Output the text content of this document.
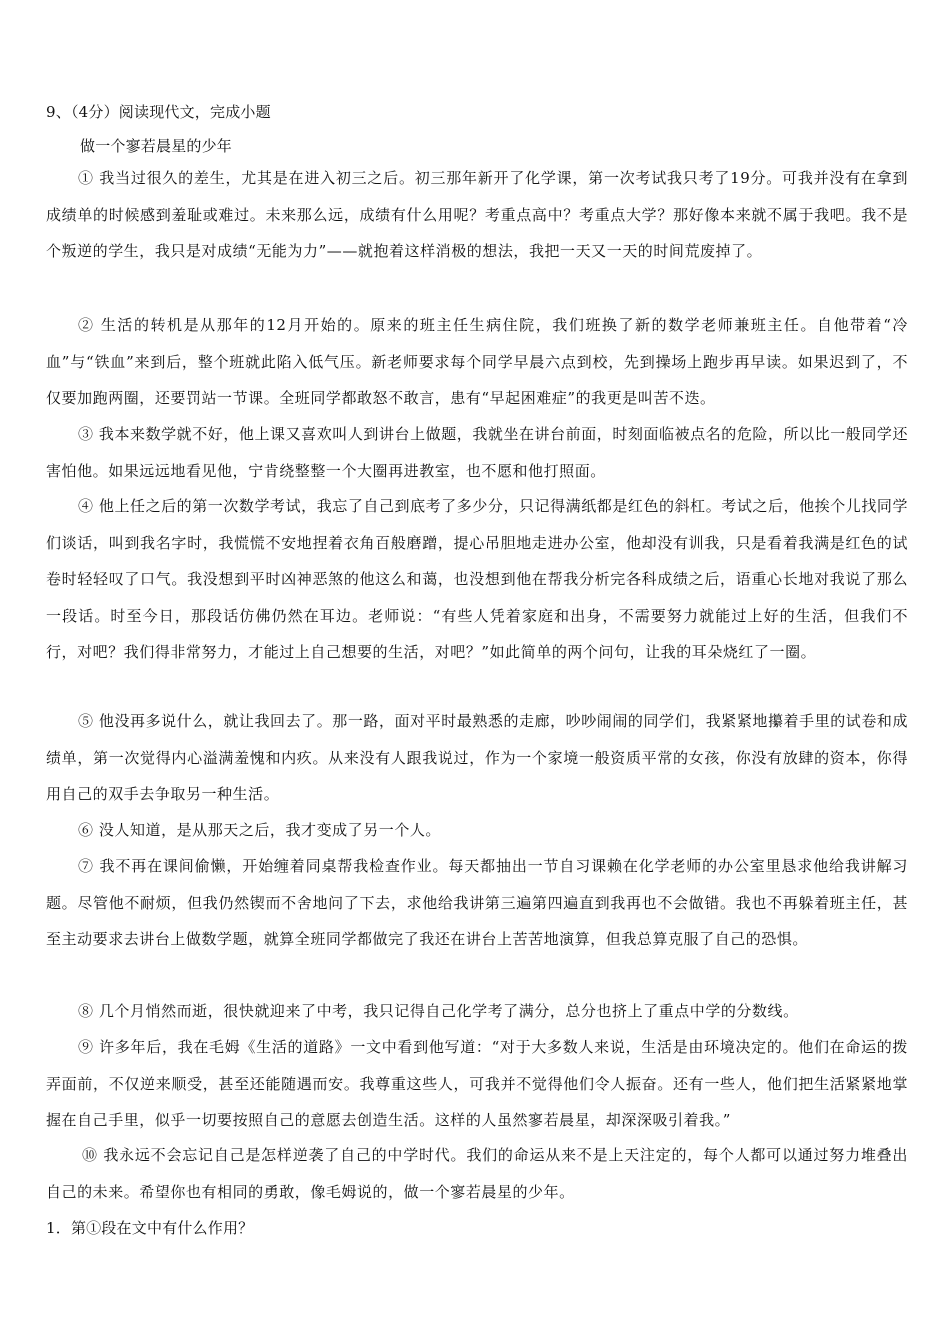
9、（4分）阅读现代文，完成小题
做一个寥若晨星的少年
① 我当过很久的差生，尤其是在进入初三之后。初三那年新开了化学课，第一次考试我只考了19分。可我并没有在拿到成绩单的时候感到羞耻或难过。未来那么远，成绩有什么用呢？考重点高中？考重点大学？那好像本来就不属于我吧。我不是个叛逆的学生，我只是对成绩“无能为力”——就抱着这样消极的想法，我把一天又一天的时间荒废掉了。
② 生活的转机是从那年的12月开始的。原来的班主任生病住院，我们班换了新的数学老师兼班主任。自他带着“冷血”与“铁血”来到后，整个班就此陷入低气压。新老师要求每个同学早晨六点到校，先到操场上跑步再早读。如果迟到了，不仅要加跑两圈，还要罚站一节课。全班同学都敢怒不敢言，患有“早起困难症”的我更是叫苦不迭。
③ 我本来数学就不好，他上课又喜欢叫人到讲台上做题，我就坐在讲台前面，时刻面临被点名的危险，所以比一般同学还害怕他。如果远远地看见他，宁肯绕整整一个大圈再进教室，也不愿和他打照面。
④ 他上任之后的第一次数学考试，我忘了自己到底考了多少分，只记得满纸都是红色的斜杠。考试之后，他挨个儿找同学们谈话，叫到我名字时，我慌慌不安地捏着衣角百般磨蹭，提心吊胆地走进办公室，他却没有训我，只是看着我满是红色的试卷时轻轻叹了口气。我没想到平时凶神恶煞的他这么和蔼，也没想到他在帮我分析完各科成绩之后，语重心长地对我说了那么一段话。时至今日，那段话仿佛仍然在耳边。老师说：“有些人凭着家庭和出身，不需要努力就能过上好的生活，但我们不行，对吧？我们得非常努力，才能过上自己想要的生活，对吧？”如此简单的两个问句，让我的耳朵烧红了一圈。
⑤ 他没再多说什么，就让我回去了。那一路，面对平时最熟悉的走廊，吵吵闹闹的同学们，我紧紧地攥着手里的试卷和成绩单，第一次觉得内心溢满羞愧和内疚。从来没有人跟我说过，作为一个家境一般资质平常的女孩，你没有放肆的资本，你得用自己的双手去争取另一种生活。
⑥ 没人知道，是从那天之后，我才变成了另一个人。
⑦ 我不再在课间偷懒，开始缠着同桌帮我检查作业。每天都抽出一节自习课赖在化学老师的办公室里恳求他给我讲解习题。尽管他不耐烦，但我仍然锲而不舍地问了下去，求他给我讲第三遍第四遍直到我再也不会做错。我也不再躲着班主任，甚至主动要求去讲台上做数学题，就算全班同学都做完了我还在讲台上苦苦地演算，但我总算克服了自己的恐惧。
⑧ 几个月悄然而逝，很快就迎来了中考，我只记得自己化学考了满分，总分也挤上了重点中学的分数线。
⑨ 许多年后，我在毛姆《生活的道路》一文中看到他写道：“对于大多数人来说，生活是由环境决定的。他们在命运的拨弄面前，不仅逆来顺受，甚至还能随遇而安。我尊重这些人，可我并不觉得他们令人振奋。还有一些人，他们把生活紧紧地掌握在自己手里，似乎一切要按照自己的意愿去创造生活。这样的人虽然寥若晨星，却深深吸引着我。”
⑩ 我永远不会忘记自己是怎样逆袭了自己的中学时代。我们的命运从来不是上天注定的，每个人都可以通过努力堆叠出自己的未来。希望你也有相同的勇敢，像毛姆说的，做一个寥若晨星的少年。
1．第①段在文中有什么作用？
